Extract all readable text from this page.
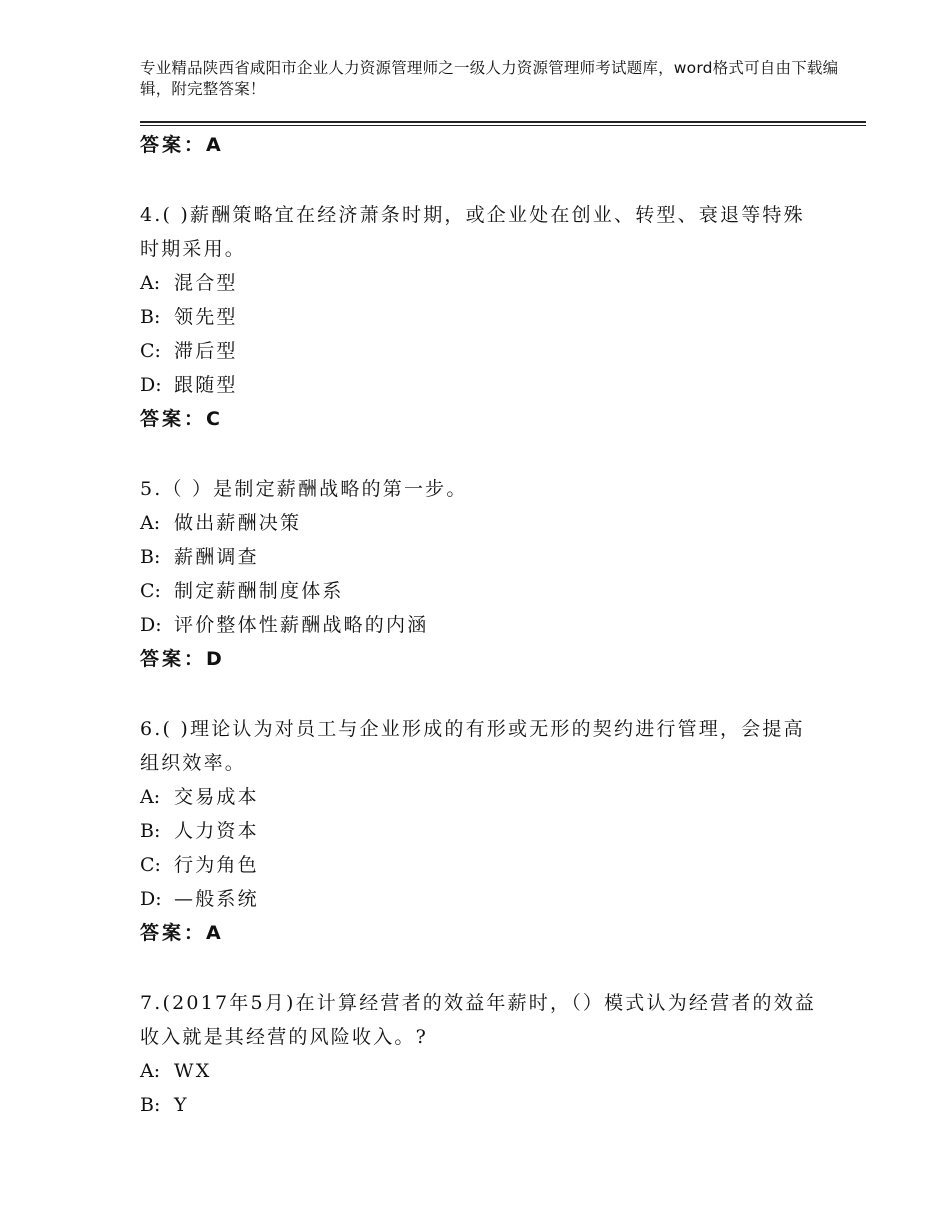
专业精品陕西省咸阳市企业人力资源管理师之一级人力资源管理师考试题库，word格式可自由下载编辑，附完整答案！
答案：A
4.( )薪酬策略宜在经济萧条时期，或企业处在创业、转型、衰退等特殊时期采用。
A: 混合型
B: 领先型
C: 滞后型
D: 跟随型
答案：C
5.（ ）是制定薪酬战略的第一步。
A: 做出薪酬决策
B: 薪酬调查
C: 制定薪酬制度体系
D: 评价整体性薪酬战略的内涵
答案：D
6.( )理论认为对员工与企业形成的有形或无形的契约进行管理，会提高组织效率。
A: 交易成本
B: 人力资本
C: 行为角色
D: —般系统
答案：A
7.(2017年5月)在计算经营者的效益年薪时，（）模式认为经营者的效益收入就是其经营的风险收入。?
A: WX
B: Y
